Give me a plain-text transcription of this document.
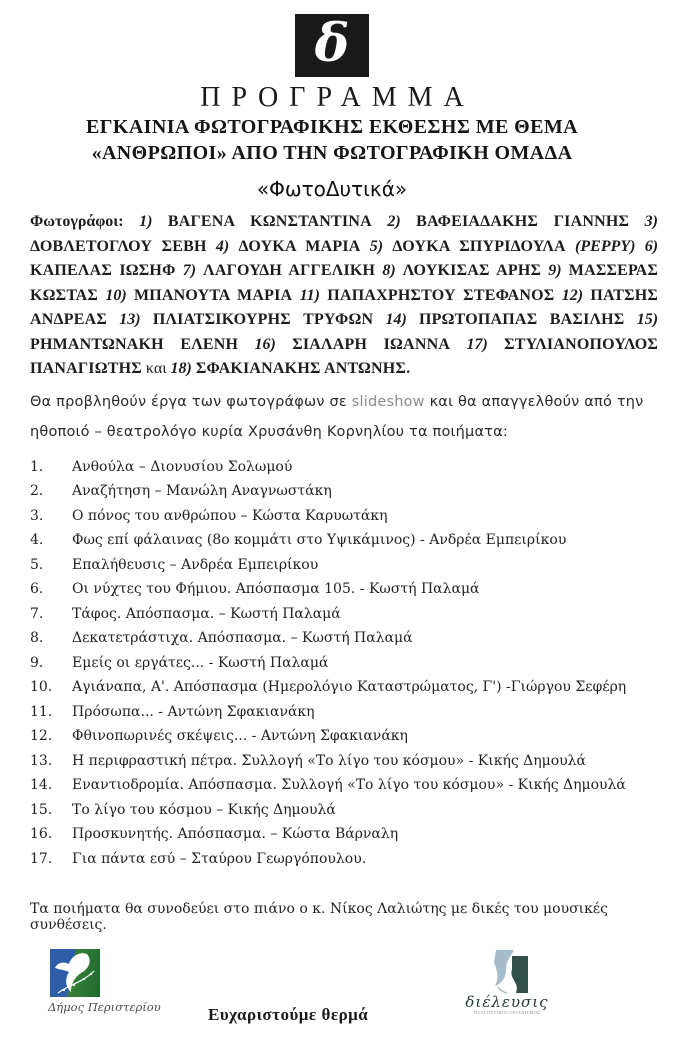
δ
ΠΡΟΓΡΑΜΜΑ
ΕΓΚΑΙΝΙΑ ΦΩΤΟΓΡΑΦΙΚΗΣ ΕΚΘΕΣΗΣ ΜΕ ΘΕΜΑ
«ΑΝΘΡΩΠΟΙ» ΑΠΟ ΤΗΝ ΦΩΤΟΓΡΑΦΙΚΗ ΟΜΑΔΑ
«ΦωτοΔυτικά»

Φωτογράφοι: 1) ΒΑΓΕΝΑ ΚΩΝΣΤΑΝΤΙΝΑ 2) ΒΑΦΕΙΑΔΑΚΗΣ ΓΙΑΝΝΗΣ 3) ΔΟΒΛΕΤΟΓΛΟΥ ΣΕΒΗ 4) ΔΟΥΚΑ ΜΑΡΙΑ 5) ΔΟΥΚΑ ΣΠΥΡΙΔΟΥΛΑ (ΡΕΡΡΥ) 6) ΚΑΠΕΛΑΣ ΙΩΣΗΦ 7) ΛΑΓΟΥΔΗ ΑΓΓΕΛΙΚΗ 8) ΛΟΥΚΙΣΑΣ ΑΡΗΣ 9) ΜΑΣΣΕΡΑΣ ΚΩΣΤΑΣ 10) ΜΠΑΝΟΥΤΑ ΜΑΡΙΑ 11) ΠΑΠΑΧΡΗΣΤΟΥ ΣΤΕΦΑΝΟΣ 12) ΠΑΤΣΗΣ ΑΝΔΡΕΑΣ 13) ΠΛΙΑΤΣΙΚΟΥΡΗΣ ΤΡΥΦΩΝ 14) ΠΡΩΤΟΠΑΠΑΣ ΒΑΣΙΛΗΣ 15) ΡΗΜΑΝΤΩΝΑΚΗ ΕΛΕΝΗ 16) ΣΙΑΛΑΡΗ ΙΩΑΝΝΑ 17) ΣΤΥΛΙΑΝΟΠΟΥΛΟΣ ΠΑΝΑΓΙΩΤΗΣ και 18) ΣΦΑΚΙΑΝΑΚΗΣ ΑΝΤΩΝΗΣ.

Θα προβληθούν έργα των φωτογράφων σε slideshow και θα απαγγελθούν από την ηθοποιό – θεατρολόγο κυρία Χρυσάνθη Κορνηλίου τα ποιήματα:

1.	Ανθούλα – Διονυσίου Σολωμού
2.	Αναζήτηση – Μανώλη Αναγνωστάκη
3.	Ο πόνος του ανθρώπου – Κώστα Καρυωτάκη
4.	Φως επί φάλαινας (8ο κομμάτι στο Υψικάμινος) - Ανδρέα Εμπειρίκου
5.	Επαλήθευσις – Ανδρέα Εμπειρίκου
6.	Οι νύχτες του Φήμιου. Απόσπασμα 105. - Κωστή Παλαμά
7.	Τάφος. Απόσπασμα. – Κωστή Παλαμά
8.	Δεκατετράστιχα. Απόσπασμα. – Κωστή Παλαμά
9.	Εμείς οι εργάτες... - Κωστή Παλαμά
10.	Αγιάναπα, Α'. Απόσπασμα (Ημερολόγιο Καταστρώματος, Γ') -Γιώργου Σεφέρη
11.	Πρόσωπα... - Αντώνη Σφακιανάκη
12.	Φθινοπωρινές σκέψεις... - Αντώνη Σφακιανάκη
13.	Η περιφραστική πέτρα. Συλλογή «Το λίγο του κόσμου» - Κικής Δημουλά
14.	Εναντιοδρομία. Απόσπασμα. Συλλογή «Το λίγο του κόσμου» - Κικής Δημουλά
15.	Το λίγο του κόσμου – Κικής Δημουλά
16.	Προσκυνητής. Απόσπασμα. – Κώστα Βάρναλη
17.	Για πάντα εσύ – Σταύρου Γεωργόπουλου.

Τα ποιήματα θα συνοδεύει στο πιάνο ο κ. Νίκος Λαλιώτης με δικές του μουσικές συνθέσεις.

Δήμος Περιστερίου	Ευχαριστούμε θερμά
διέλευσις
ΠΟΛΙΤΙΣΤΙΚΟΣ ΟΡΓΑΝΙΣΜΟΣ
